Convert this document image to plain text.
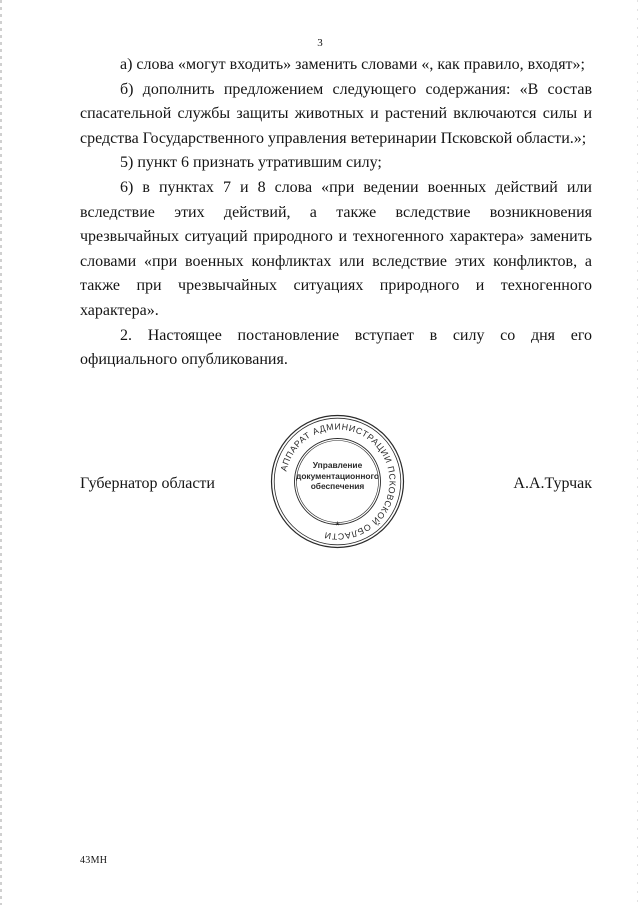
3

а) слова «могут входить» заменить словами «, как правило, входят»;

б) дополнить предложением следующего содержания: «В состав спасательной службы защиты животных и растений включаются силы и средства Государственного управления ветеринарии Псковской области.»;

5) пункт 6 признать утратившим силу;

6) в пунктах 7 и 8 слова «при ведении военных действий или вследствие этих действий, а также вследствие возникновения чрезвычайных ситуаций природного и техногенного характера» заменить словами «при военных конфликтах или вследствие этих конфликтов, а также при чрезвычайных ситуациях природного и техногенного характера».

2. Настоящее постановление вступает в силу со дня его официального опубликования.

Губернатор области
АППАРАТ АДМИНИСТРАЦИИ ПСКОВСКОЙ ОБЛАСТИ
*
Управление
документационного
обеспечения	А.А.Турчак
43МН
